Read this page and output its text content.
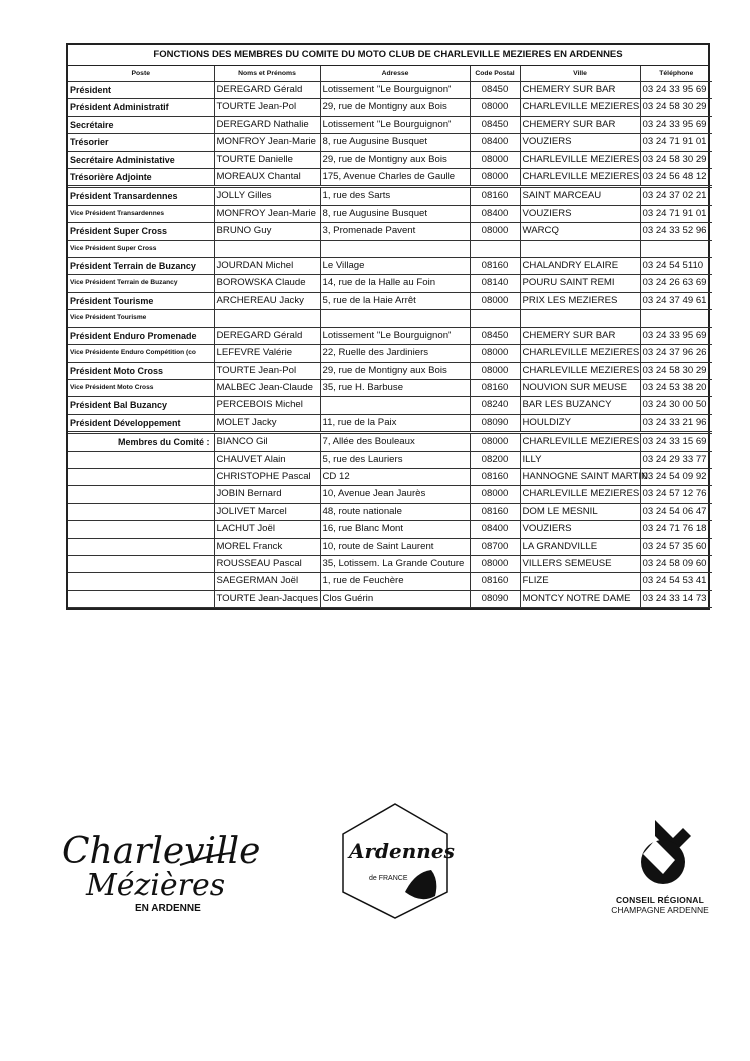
FONCTIONS DES MEMBRES DU COMITE DU MOTO CLUB DE CHARLEVILLE MEZIERES EN ARDENNES
Poste	Noms et Prénoms	Adresse	Code Postal	Ville	Téléphone
Président	DEREGARD Gérald	Lotissement "Le Bourguignon"	08450	CHEMERY SUR BAR	03 24 33 95 69
Président Administratif	TOURTE Jean-Pol	29, rue de Montigny aux Bois	08000	CHARLEVILLE MEZIERES	03 24 58 30 29
Secrétaire	DEREGARD Nathalie	Lotissement "Le Bourguignon"	08450	CHEMERY SUR BAR	03 24 33 95 69
Trésorier	MONFROY Jean-Marie	8, rue Augusine Busquet	08400	VOUZIERS	03 24 71 91 01
Secrétaire Administative	TOURTE Danielle	29, rue de Montigny aux Bois	08000	CHARLEVILLE MEZIERES	03 24 58 30 29
Trésorière Adjointe	MOREAUX Chantal	175, Avenue Charles de Gaulle	08000	CHARLEVILLE MEZIERES	03 24 56 48 12
Président Transardennes	JOLLY Gilles	1, rue des Sarts	08160	SAINT MARCEAU	03 24 37 02 21
Vice Président Transardennes	MONFROY Jean-Marie	8, rue Augusine Busquet	08400	VOUZIERS	03 24 71 91 01
Président Super Cross	BRUNO Guy	3, Promenade Pavent	08000	WARCQ	03 24 33 52 96
Vice Président Super Cross					
Président Terrain de Buzancy	JOURDAN Michel	Le Village	08160	CHALANDRY ELAIRE	03 24 54 5110
Vice Président Terrain de Buzancy	BOROWSKA Claude	14, rue de la Halle au Foin	08140	POURU SAINT REMI	03 24 26 63 69
Président Tourisme	ARCHEREAU Jacky	5, rue de la Haie Arrêt	08000	PRIX LES MEZIERES	03 24 37 49 61
Vice Président Tourisme					
Président Enduro Promenade	DEREGARD Gérald	Lotissement "Le Bourguignon"	08450	CHEMERY SUR BAR	03 24 33 95 69
Vice Présidente Enduro Compétition (co	LEFEVRE Valérie	22, Ruelle des Jardiniers	08000	CHARLEVILLE MEZIERES	03 24 37 96 26
Président Moto Cross	TOURTE Jean-Pol	29, rue de Montigny aux Bois	08000	CHARLEVILLE MEZIERES	03 24 58 30 29
Vice Président Moto Cross	MALBEC Jean-Claude	35, rue H. Barbuse	08160	NOUVION SUR MEUSE	03 24 53 38 20
Président Bal Buzancy	PERCEBOIS Michel		08240	BAR LES BUZANCY	03 24 30 00 50
Président Développement	MOLET Jacky	11, rue de la Paix	08090	HOULDIZY	03 24 33 21 96
Membres du Comité :	BIANCO Gil	7, Allée des Bouleaux	08000	CHARLEVILLE MEZIERES	03 24 33 15 69
	CHAUVET Alain	5, rue des Lauriers	08200	ILLY	03 24 29 33 77
	CHRISTOPHE Pascal	CD 12	08160	HANNOGNE SAINT MARTIN	03 24 54 09 92
	JOBIN Bernard	10, Avenue Jean Jaurès	08000	CHARLEVILLE MEZIERES	03 24 57 12 76
	JOLIVET Marcel	48, route nationale	08160	DOM LE MESNIL	03 24 54 06 47
	LACHUT Joël	16, rue Blanc Mont	08400	VOUZIERS	03 24 71 76 18
	MOREL Franck	10, route de Saint Laurent	08700	LA GRANDVILLE	03 24 57 35 60
	ROUSSEAU Pascal	35, Lotissem. La Grande Couture	08000	VILLERS SEMEUSE	03 24 58 09 60
	SAEGERMAN Joël	1, rue de Feuchère	08160	FLIZE	03 24 54 53 41
	TOURTE Jean-Jacques	Clos Guérin	08090	MONTCY NOTRE DAME	03 24 33 14 73
Charleville
Mézières
EN ARDENNE
Ardennes
de FRANCE
CONSEIL RÉGIONAL
CHAMPAGNE ARDENNE
